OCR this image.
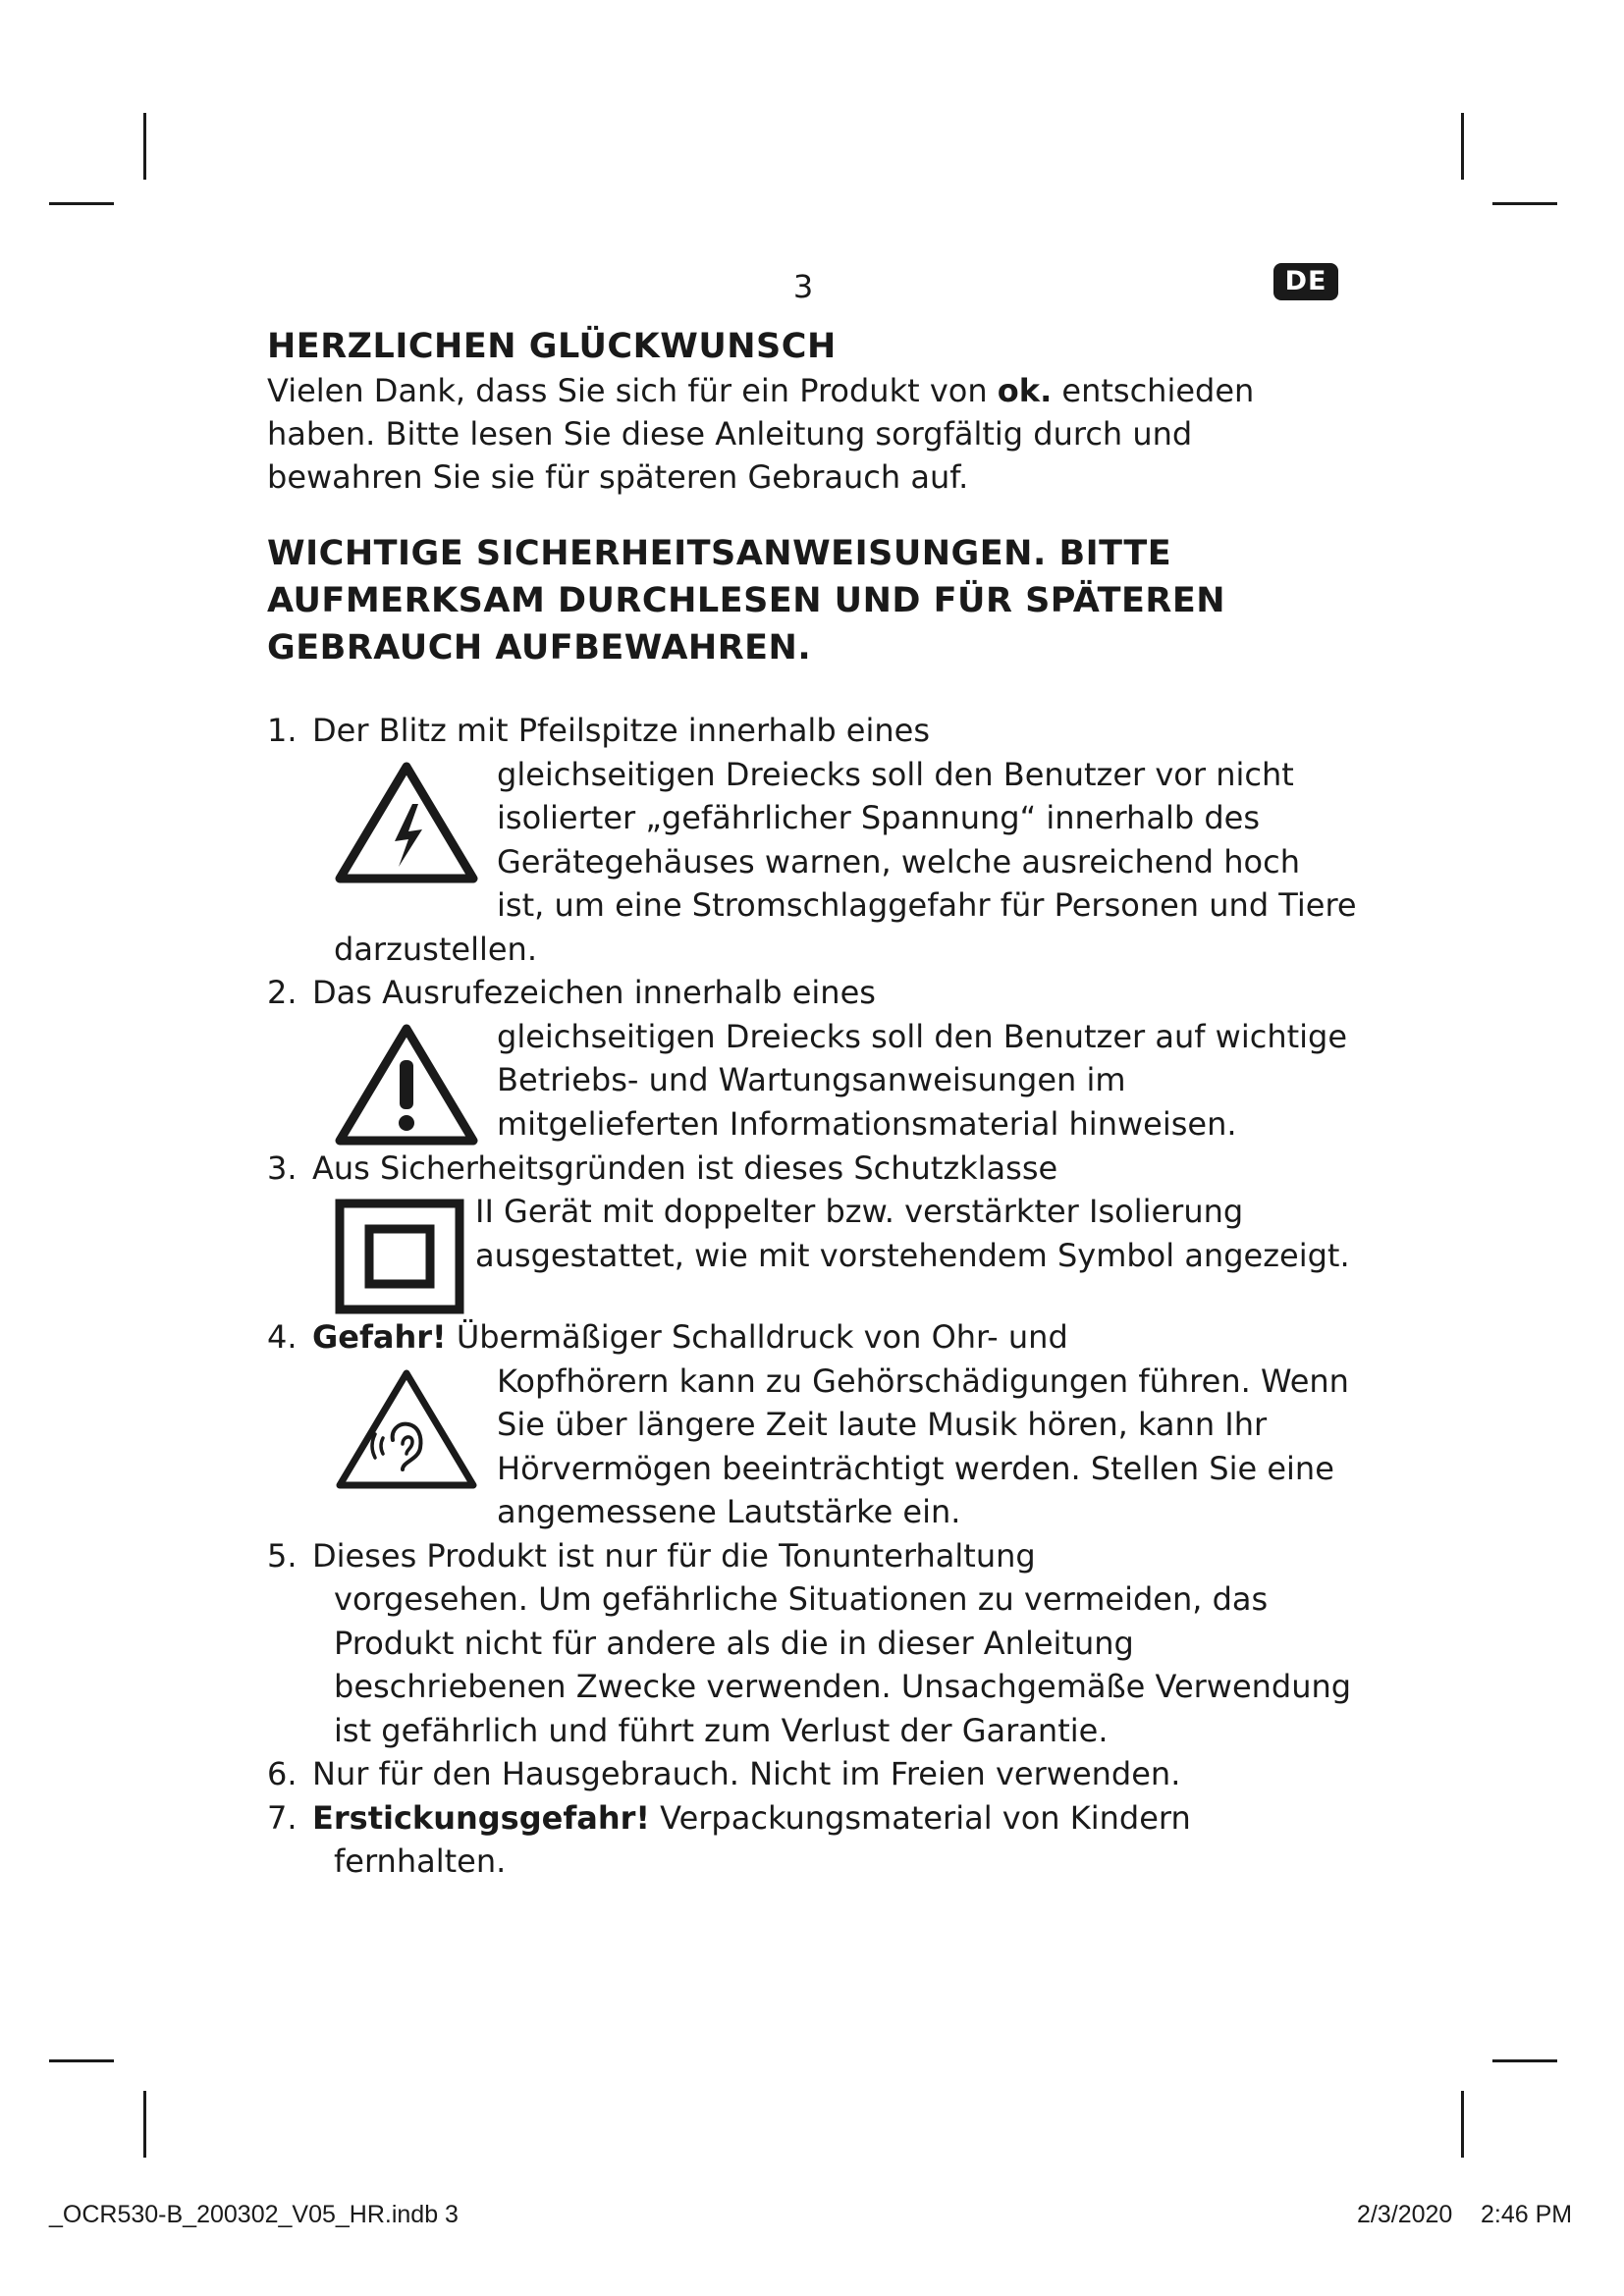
3	DE
HERZLICHEN GLÜCKWUNSCH

Vielen Dank, dass Sie sich für ein Produkt von ok. entschieden haben. Bitte lesen Sie diese Anleitung sorgfältig durch und bewahren Sie sie für späteren Gebrauch auf.

WICHTIGE SICHERHEITSANWEISUNGEN. BITTE AUFMERKSAM DURCHLESEN UND FÜR SPÄTEREN GEBRAUCH AUFBEWAHREN.
1. Der Blitz mit Pfeilspitze innerhalb eines
gleichseitigen Dreiecks soll den Benutzer vor nicht isolierter „gefährlicher Spannung“ innerhalb des Gerätegehäuses warnen, welche ausreichend hoch ist, um eine Stromschlaggefahr für Personen und Tiere darzustellen.
2. Das Ausrufezeichen innerhalb eines
gleichseitigen Dreiecks soll den Benutzer auf wichtige Betriebs- und Wartungsanweisungen im mitgelieferten Informationsmaterial hinweisen.
3. Aus Sicherheitsgründen ist dieses Schutzklasse
II Gerät mit doppelter bzw. verstärkter Isolierung ausgestattet, wie mit vorstehendem Symbol angezeigt.
4. Gefahr! Übermäßiger Schalldruck von Ohr- und
Kopfhörern kann zu Gehörschädigungen führen. Wenn Sie über längere Zeit laute Musik hören, kann Ihr Hörvermögen beeinträchtigt werden. Stellen Sie eine angemessene Lautstärke ein.
5. Dieses Produkt ist nur für die Tonunterhaltung
vorgesehen. Um gefährliche Situationen zu vermeiden, das Produkt nicht für andere als die in dieser Anleitung beschriebenen Zwecke verwenden. Unsachgemäße Verwendung ist gefährlich und führt zum Verlust der Garantie.
6. Nur für den Hausgebrauch. Nicht im Freien verwenden.
7. Erstickungsgefahr! Verpackungsmaterial von Kindern
fernhalten.
_OCR530-B_200302_V05_HR.indb 3	2/3/2020 2:46 PM
